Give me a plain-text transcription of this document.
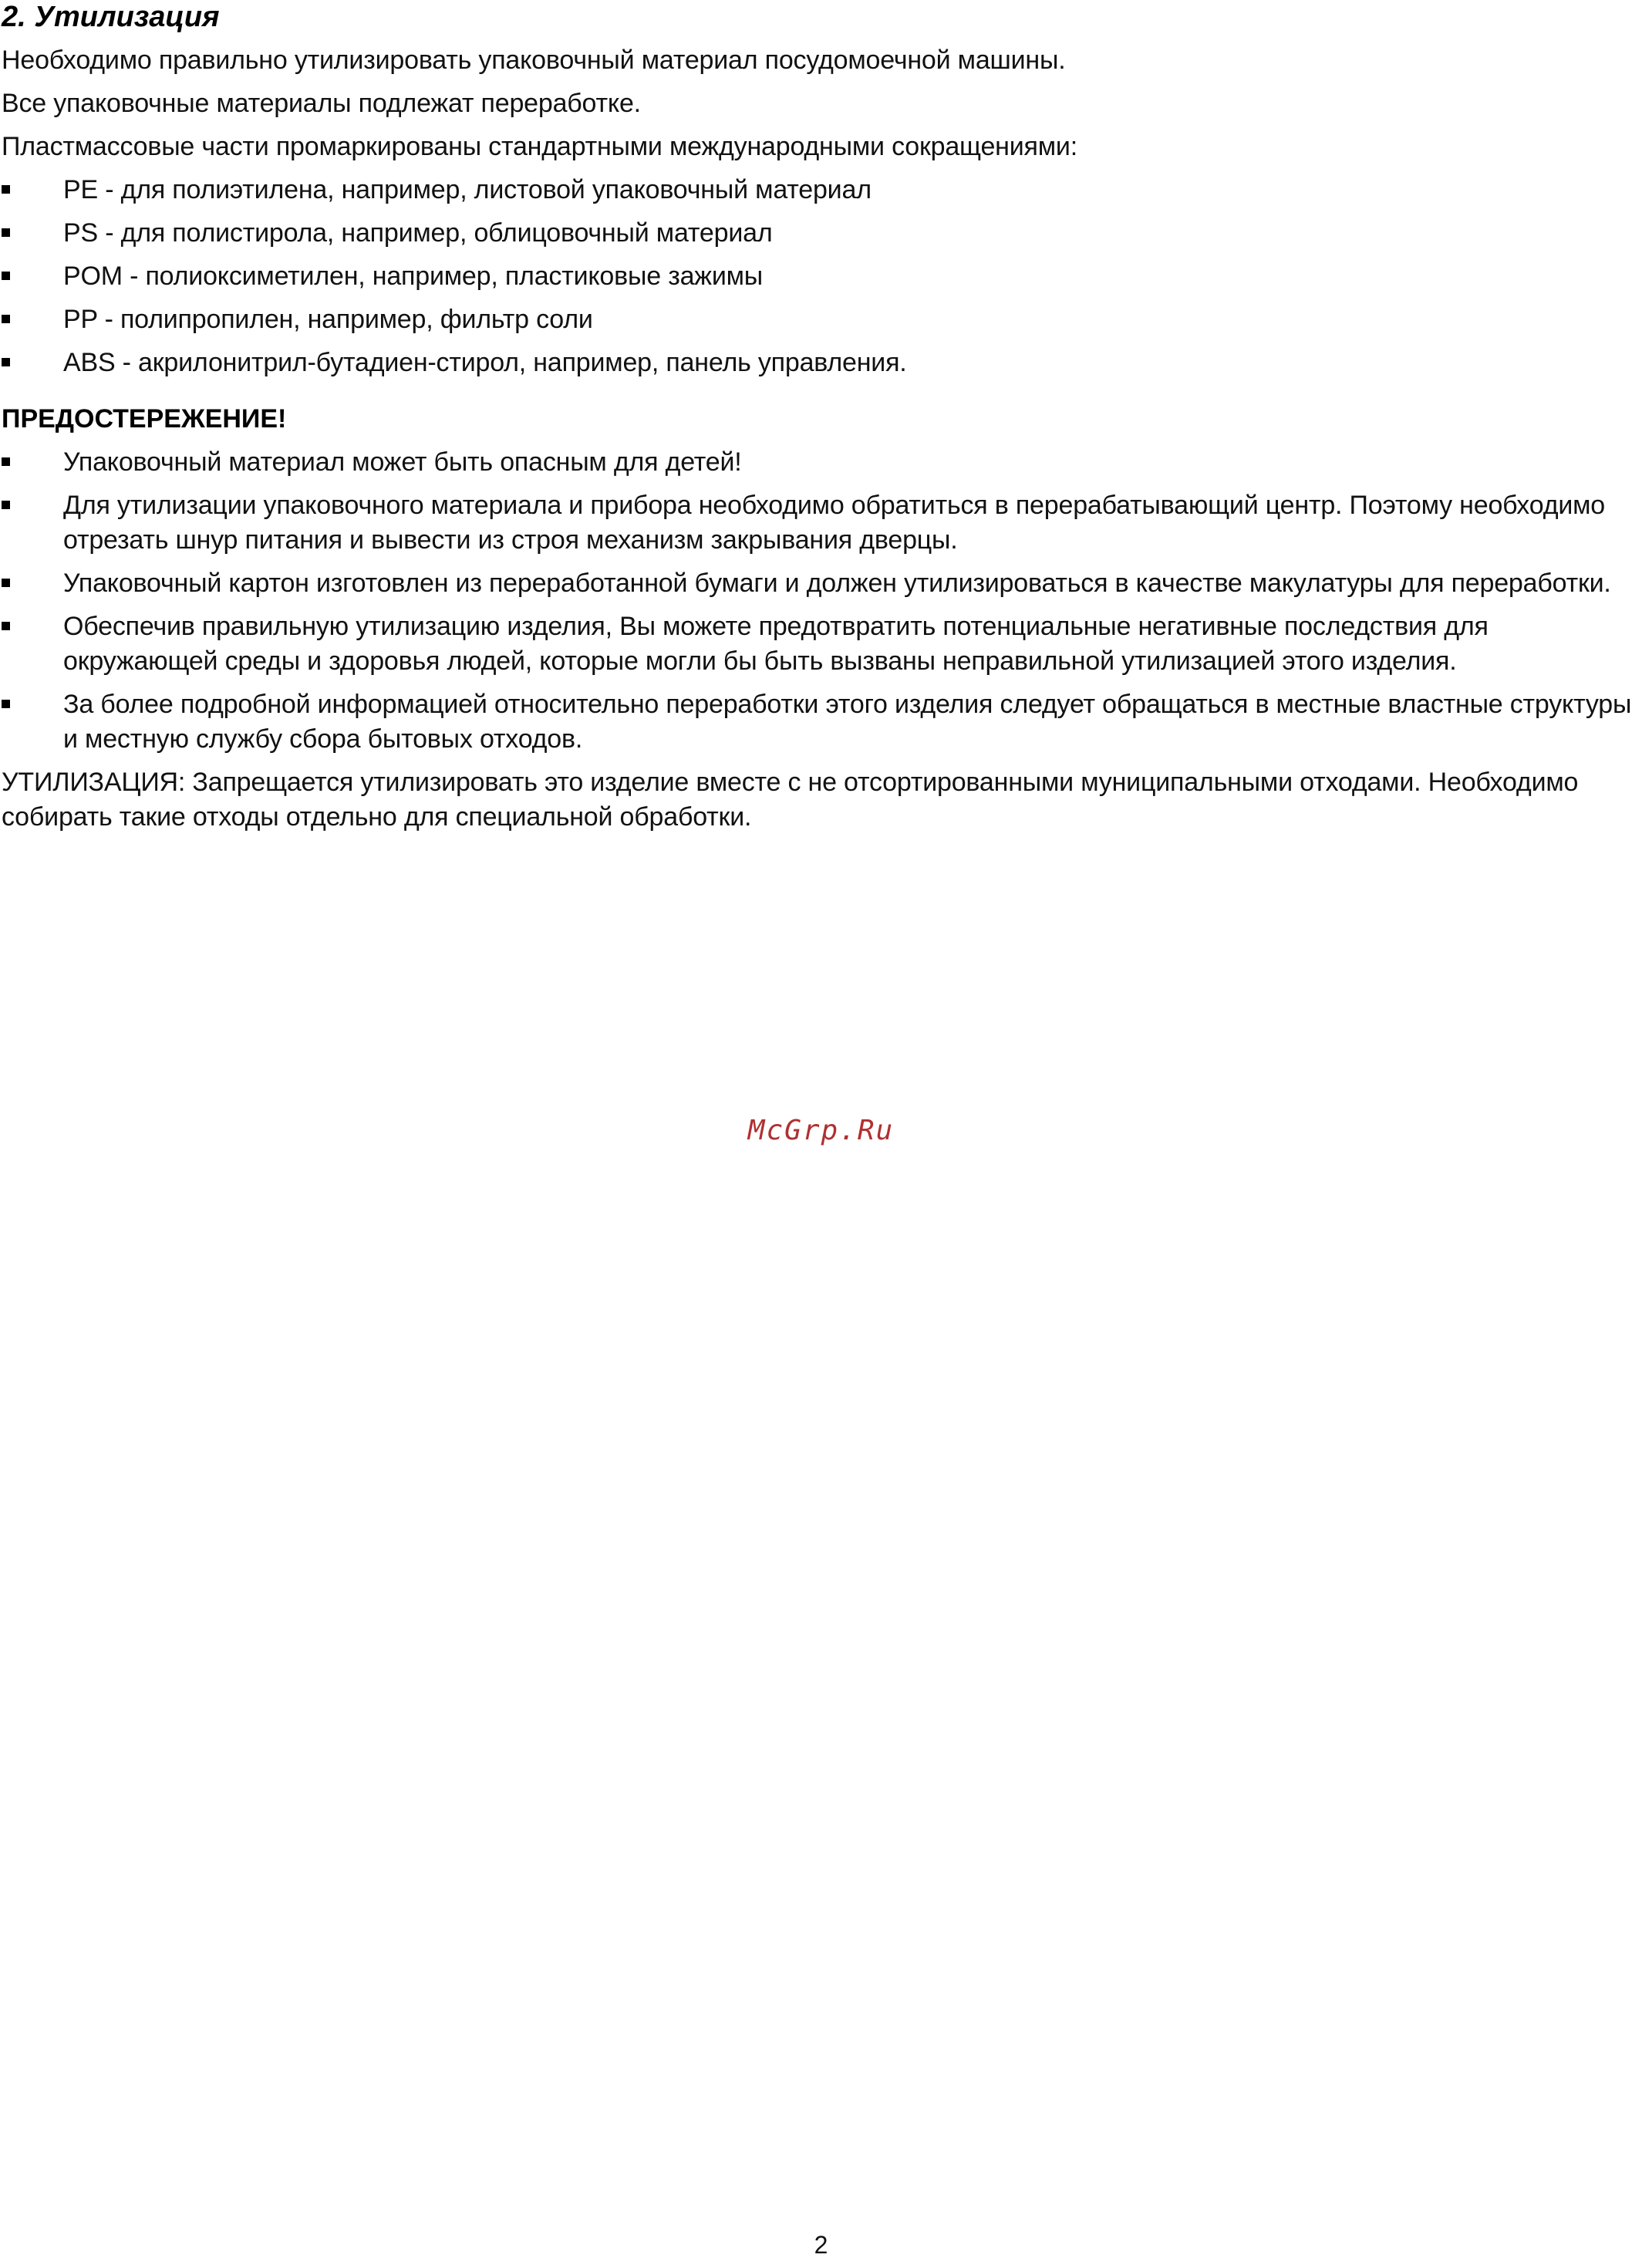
2. Утилизация
Необходимо правильно утилизировать упаковочный материал посудомоечной машины.
Все упаковочные материалы подлежат переработке.
Пластмассовые части промаркированы стандартными международными сокращениями:
PE - для полиэтилена, например, листовой упаковочный материал
PS - для полистирола, например, облицовочный материал
POM - полиоксиметилен, например, пластиковые зажимы
PP - полипропилен, например, фильтр соли
ABS - акрилонитрил-бутадиен-стирол, например, панель управления.
ПРЕДОСТЕРЕЖЕНИЕ!
Упаковочный материал может быть опасным для детей!
Для утилизации упаковочного материала и прибора необходимо обратиться в перерабатывающий центр. Поэтому необходимо отрезать шнур питания и вывести из строя механизм закрывания дверцы.
Упаковочный картон изготовлен из переработанной бумаги и должен утилизироваться в качестве макулатуры для переработки.
Обеспечив правильную утилизацию изделия, Вы можете предотвратить потенциальные негативные последствия для окружающей среды и здоровья людей, которые могли бы быть вызваны неправильной утилизацией этого изделия.
За более подробной информацией относительно переработки этого изделия следует обращаться в местные властные структуры и местную службу сбора бытовых отходов.
УТИЛИЗАЦИЯ: Запрещается утилизировать это изделие вместе с не отсортированными муниципальными отходами. Необходимо собирать такие отходы отдельно для специальной обработки.
McGrp.Ru
2
